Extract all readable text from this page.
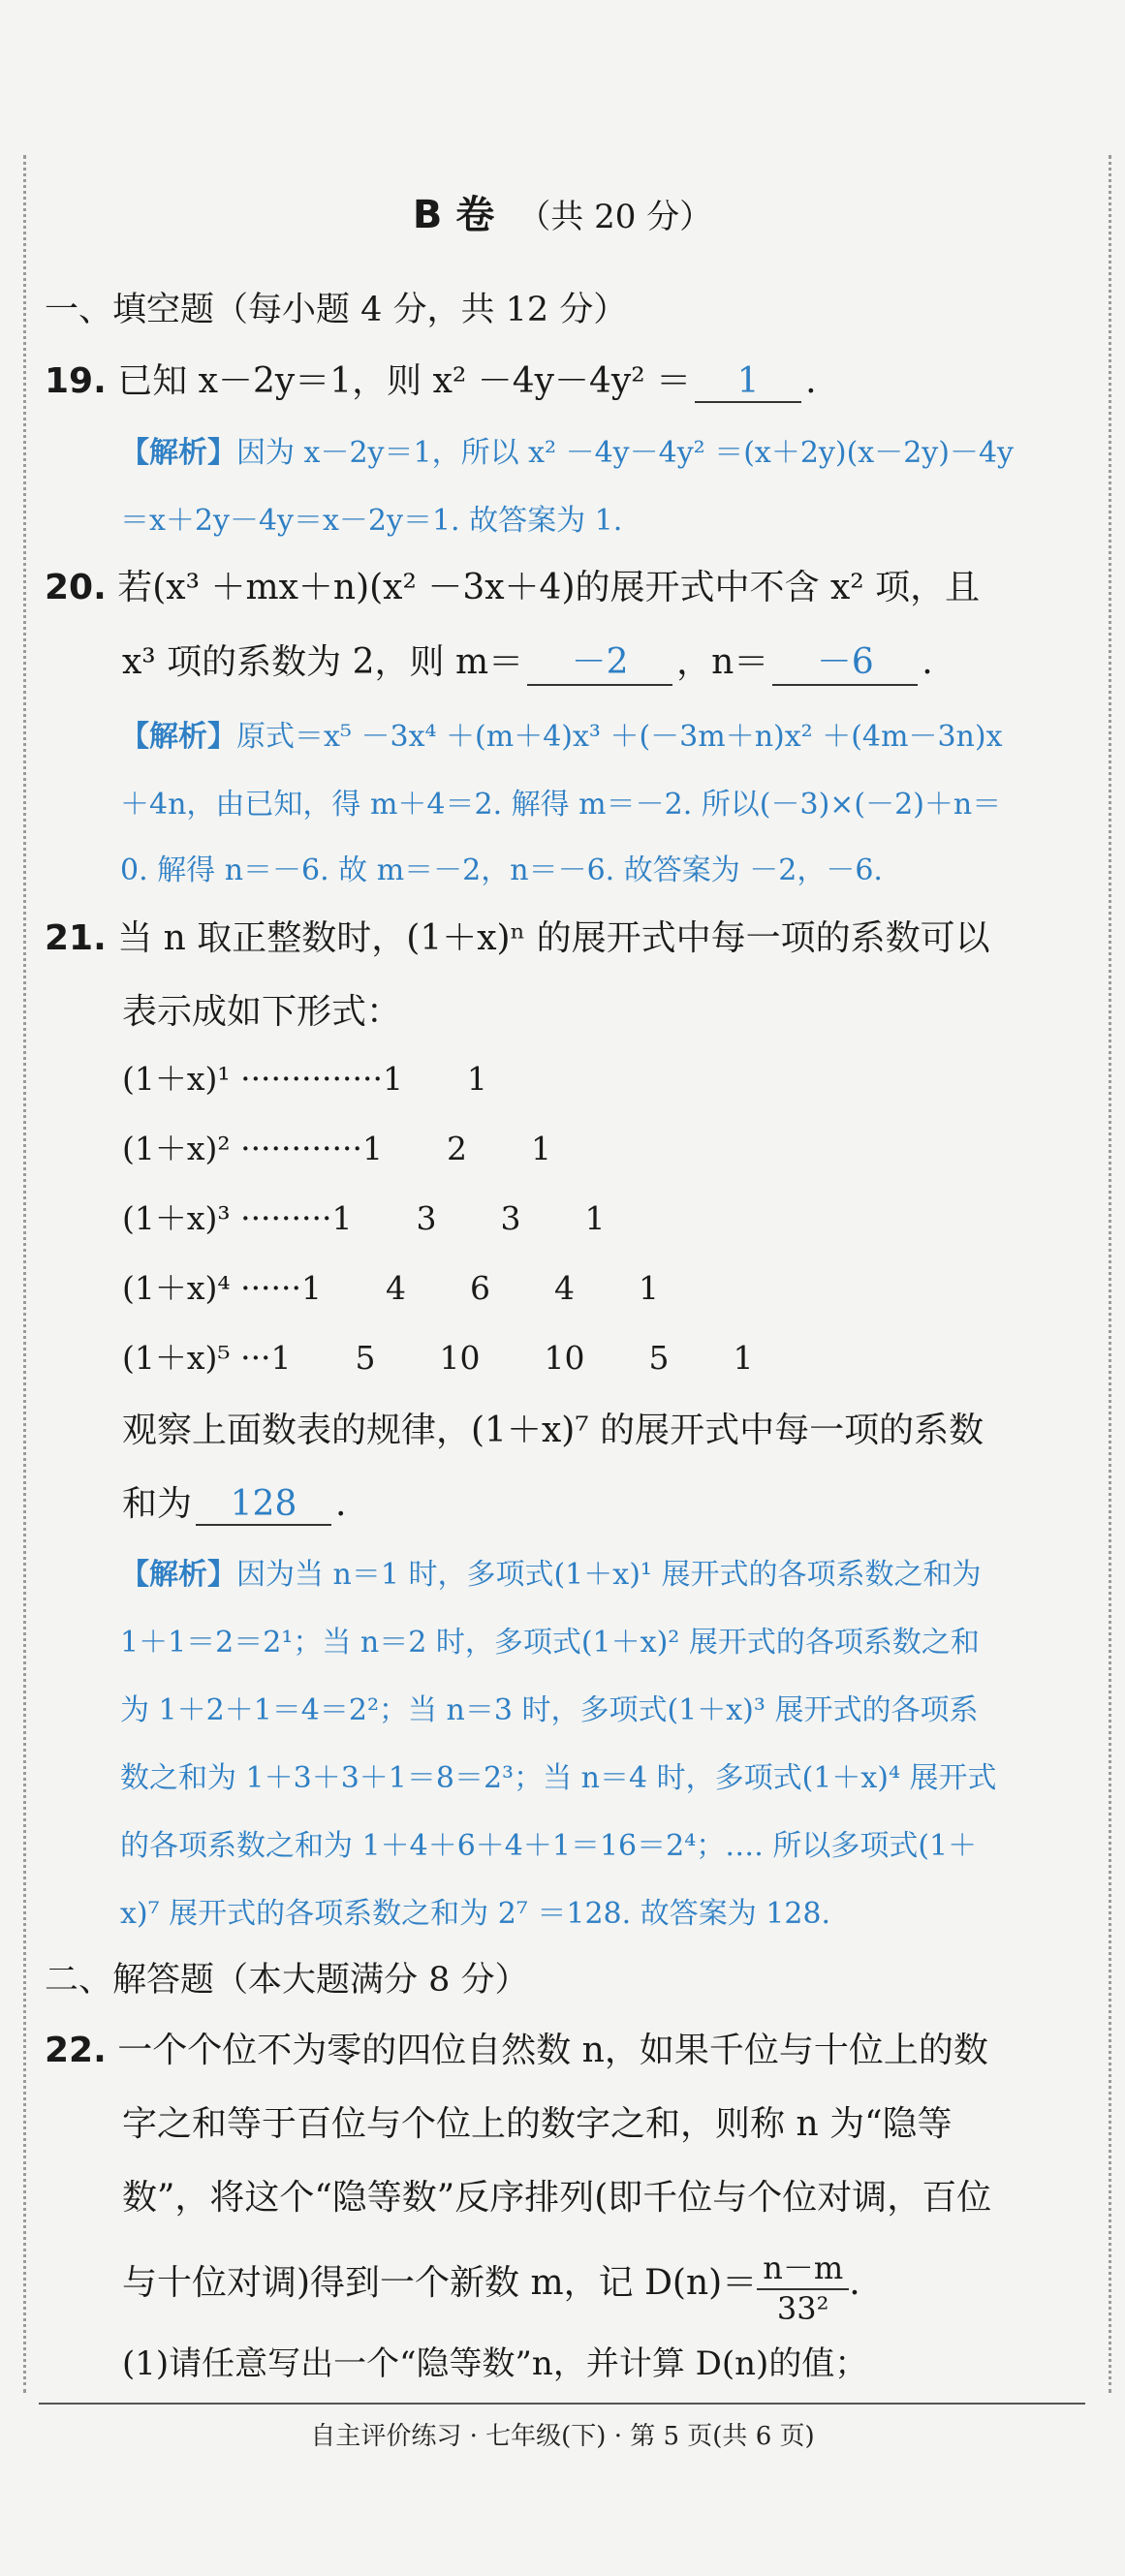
B 卷 （共 20 分）
一、填空题（每小题 4 分，共 12 分）
19. 已知 x－2y＝1，则 x² －4y－4y² ＝ 1 .
【解析】因为 x－2y＝1，所以 x² －4y－4y² ＝(x＋2y)(x－2y)－4y
＝x＋2y－4y＝x－2y＝1. 故答案为 1.
20. 若(x³ ＋mx＋n)(x² －3x＋4)的展开式中不含 x² 项，且
x³ 项的系数为 2，则 m＝ －2 ，n＝ －6 .
【解析】原式＝x⁵ －3x⁴ ＋(m＋4)x³ ＋(－3m＋n)x² ＋(4m－3n)x
＋4n，由已知，得 m＋4＝2. 解得 m＝－2. 所以(－3)×(－2)＋n＝
0. 解得 n＝－6. 故 m＝－2，n＝－6. 故答案为 －2，－6.
21. 当 n 取正整数时，(1＋x)ⁿ 的展开式中每一项的系数可以
表示成如下形式：
(1＋x)¹ ··············1　　1
(1＋x)² ············1　　2　　1
(1＋x)³ ·········1　　3　　3　　1
(1＋x)⁴ ······1　　4　　6　　4　　1
(1＋x)⁵ ···1　　5　　10　　10　　5　　1
观察上面数表的规律，(1＋x)⁷ 的展开式中每一项的系数
和为 128 .
【解析】因为当 n＝1 时，多项式(1＋x)¹ 展开式的各项系数之和为
1＋1＝2＝2¹；当 n＝2 时，多项式(1＋x)² 展开式的各项系数之和
为 1＋2＋1＝4＝2²；当 n＝3 时，多项式(1＋x)³ 展开式的各项系
数之和为 1＋3＋3＋1＝8＝2³；当 n＝4 时，多项式(1＋x)⁴ 展开式
的各项系数之和为 1＋4＋6＋4＋1＝16＝2⁴；…. 所以多项式(1＋
x)⁷ 展开式的各项系数之和为 2⁷ ＝128. 故答案为 128.
二、解答题（本大题满分 8 分）
22. 一个个位不为零的四位自然数 n，如果千位与十位上的数
字之和等于百位与个位上的数字之和，则称 n 为“隐等
数”，将这个“隐等数”反序排列(即千位与个位对调，百位
与十位对调)得到一个新数 m，记 $D(n)= \frac{n-m}{\text{33²}}$ .
(1)请任意写出一个“隐等数”n，并计算 D(n)的值；
自主评价练习 · 七年级(下) · 第 5 页(共 6 页)
